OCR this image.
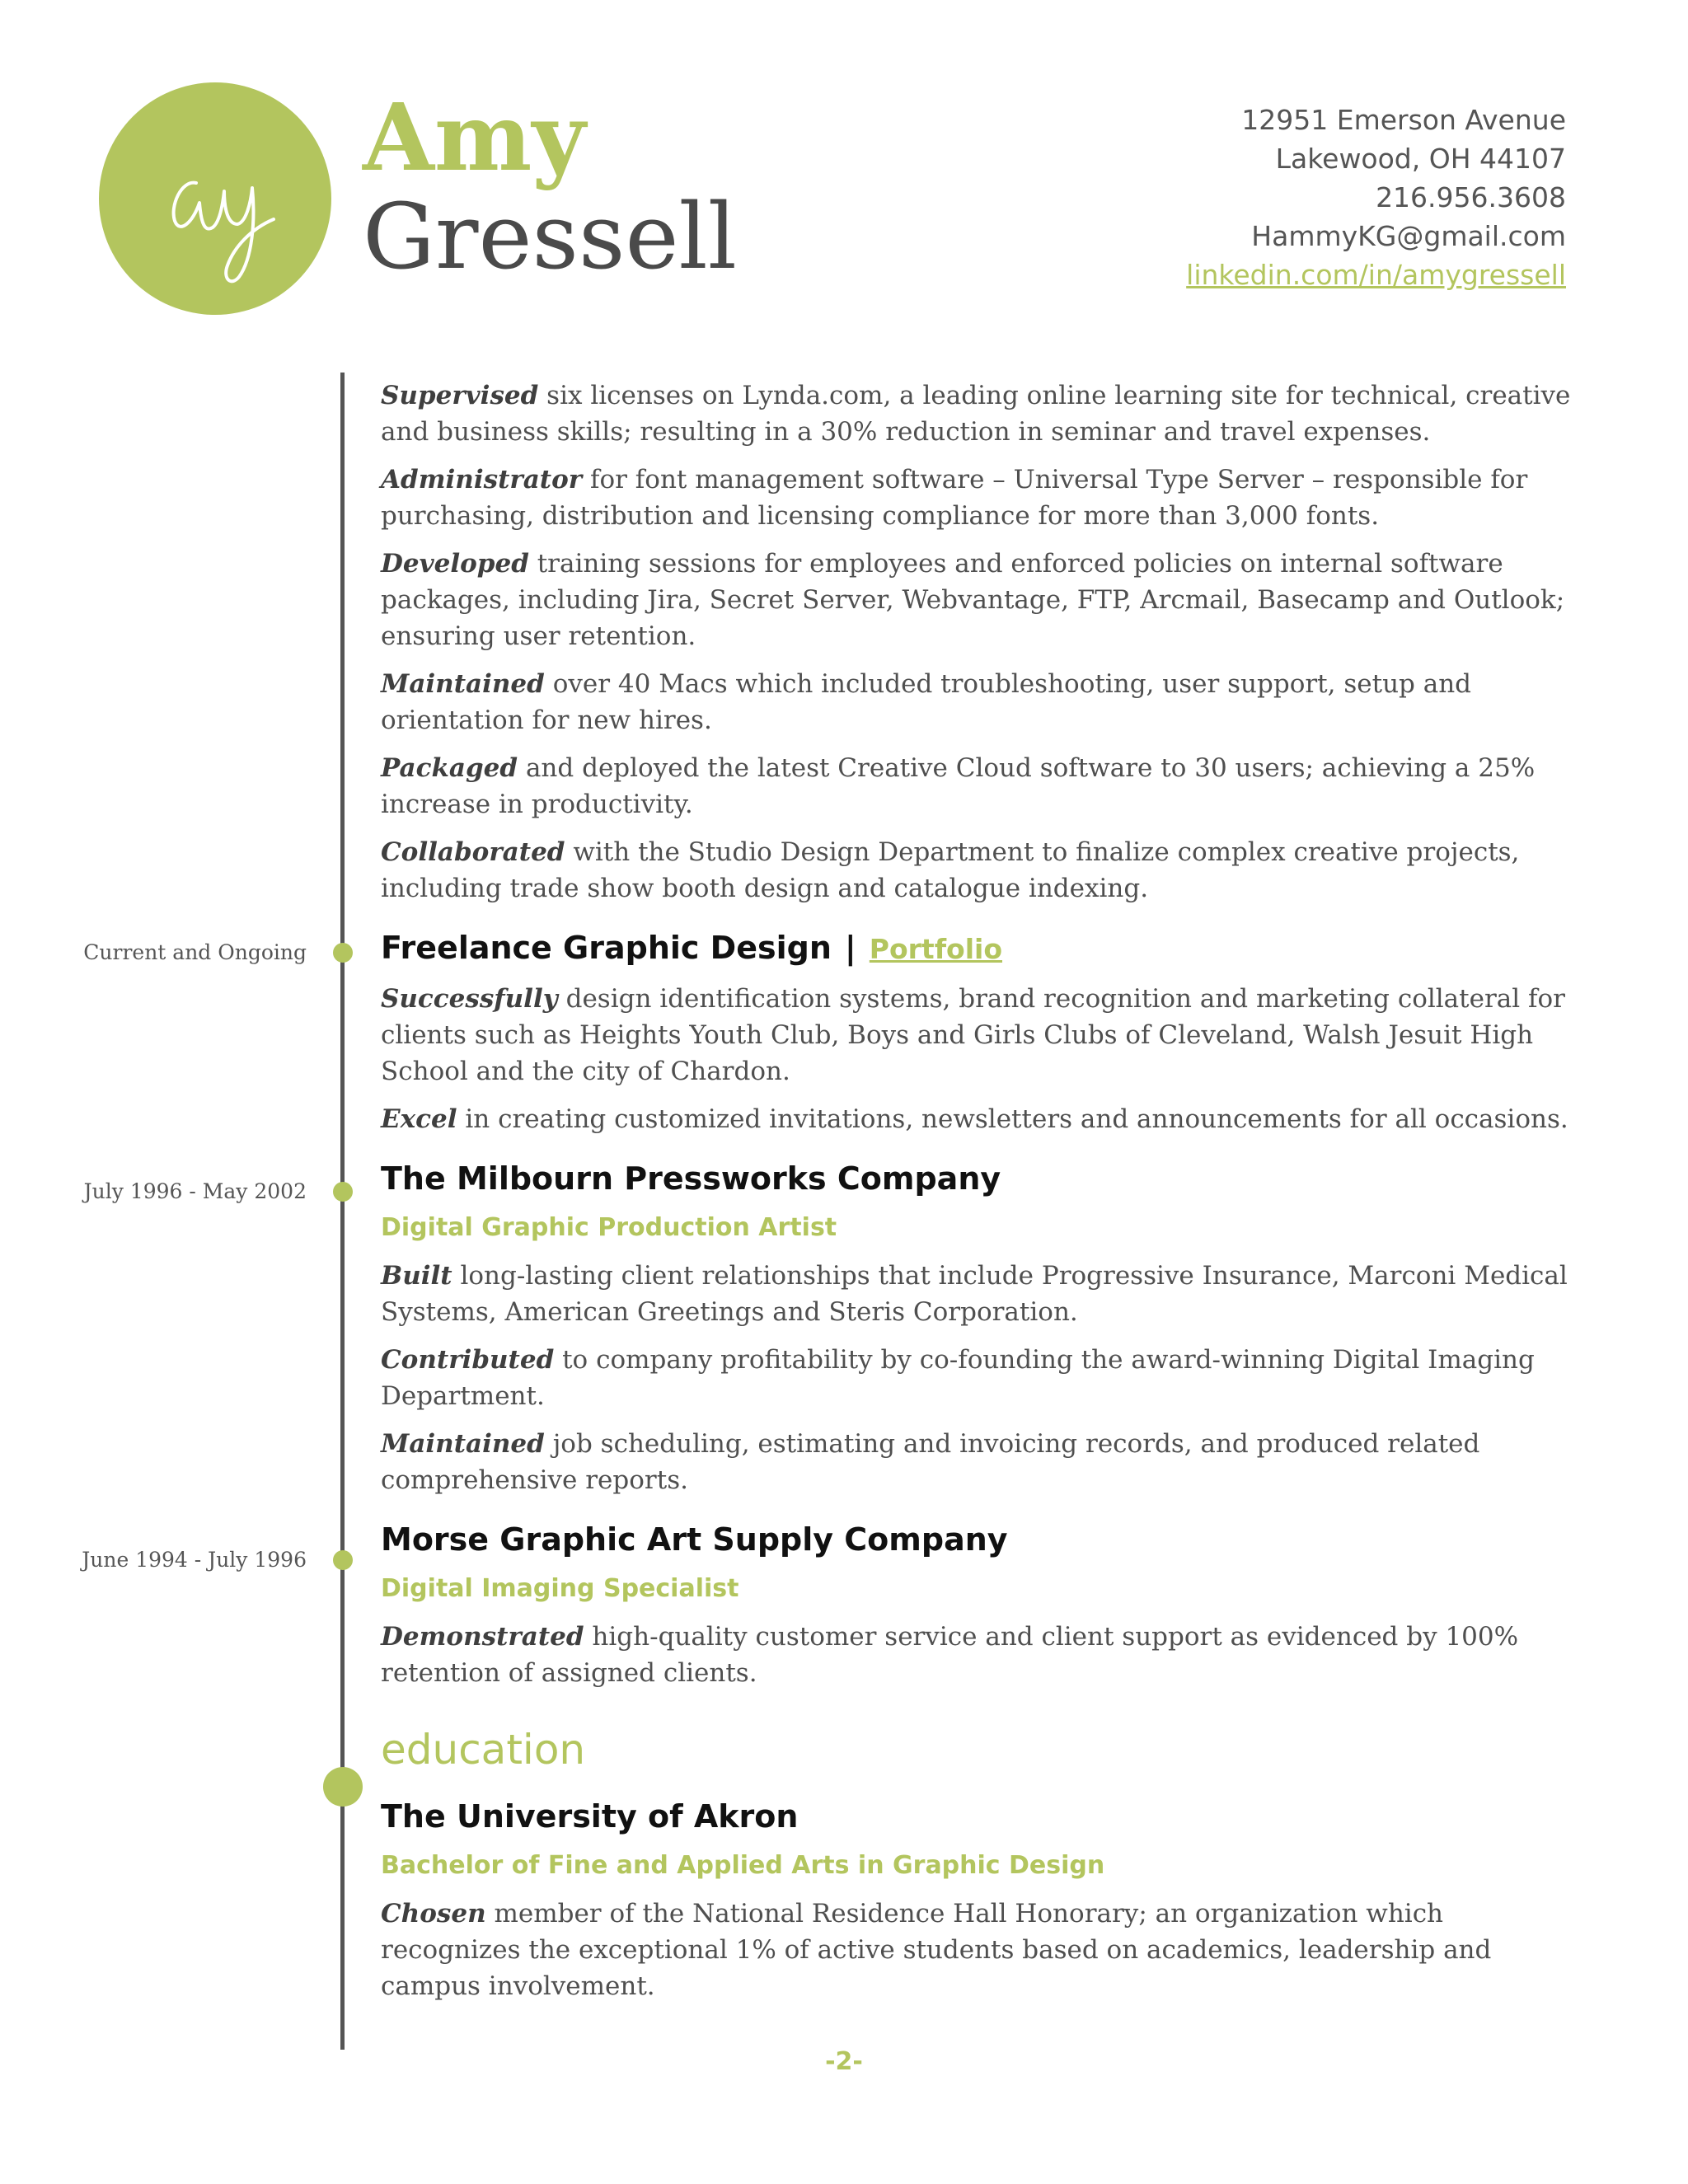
Amy
Gressell
12951 Emerson Avenue
Lakewood, OH 44107
216.956.3608
HammyKG@gmail.com
linkedin.com/in/amygressell
Current and Ongoing
July 1996 - May 2002
June 1994 - July 1996

Supervised six licenses on Lynda.com, a leading online learning site for technical, creative and business skills; resulting in a 30% reduction in seminar and travel expenses.

Administrator for font management software – Universal Type Server – responsible for purchasing, distribution and licensing compliance for more than 3,000 fonts.

Developed training sessions for employees and enforced policies on internal software packages, including Jira, Secret Server, Webvantage, FTP, Arcmail, Basecamp and Outlook; ensuring user retention.

Maintained over 40 Macs which included troubleshooting, user support, setup and orientation for new hires.

Packaged and deployed the latest Creative Cloud software to 30 users; achieving a 25% increase in productivity.

Collaborated with the Studio Design Department to finalize complex creative projects, including trade show booth design and catalogue indexing.

Freelance Graphic Design | Portfolio

Successfully design identification systems, brand recognition and marketing collateral for clients such as Heights Youth Club, Boys and Girls Clubs of Cleveland, Walsh Jesuit High School and the city of Chardon.

Excel in creating customized invitations, newsletters and announcements for all occasions.

The Milbourn Pressworks Company
Digital Graphic Production Artist

Built long-lasting client relationships that include Progressive Insurance, Marconi Medical Systems, American Greetings and Steris Corporation.

Contributed to company profitability by co-founding the award-winning Digital Imaging Department.

Maintained job scheduling, estimating and invoicing records, and produced related comprehensive reports.

Morse Graphic Art Supply Company
Digital Imaging Specialist

Demonstrated high-quality customer service and client support as evidenced by 100% retention of assigned clients.

education
The University of Akron
Bachelor of Fine and Applied Arts in Graphic Design

Chosen member of the National Residence Hall Honorary; an organization which recognizes the exceptional 1% of active students based on academics, leadership and campus involvement.

-2-
